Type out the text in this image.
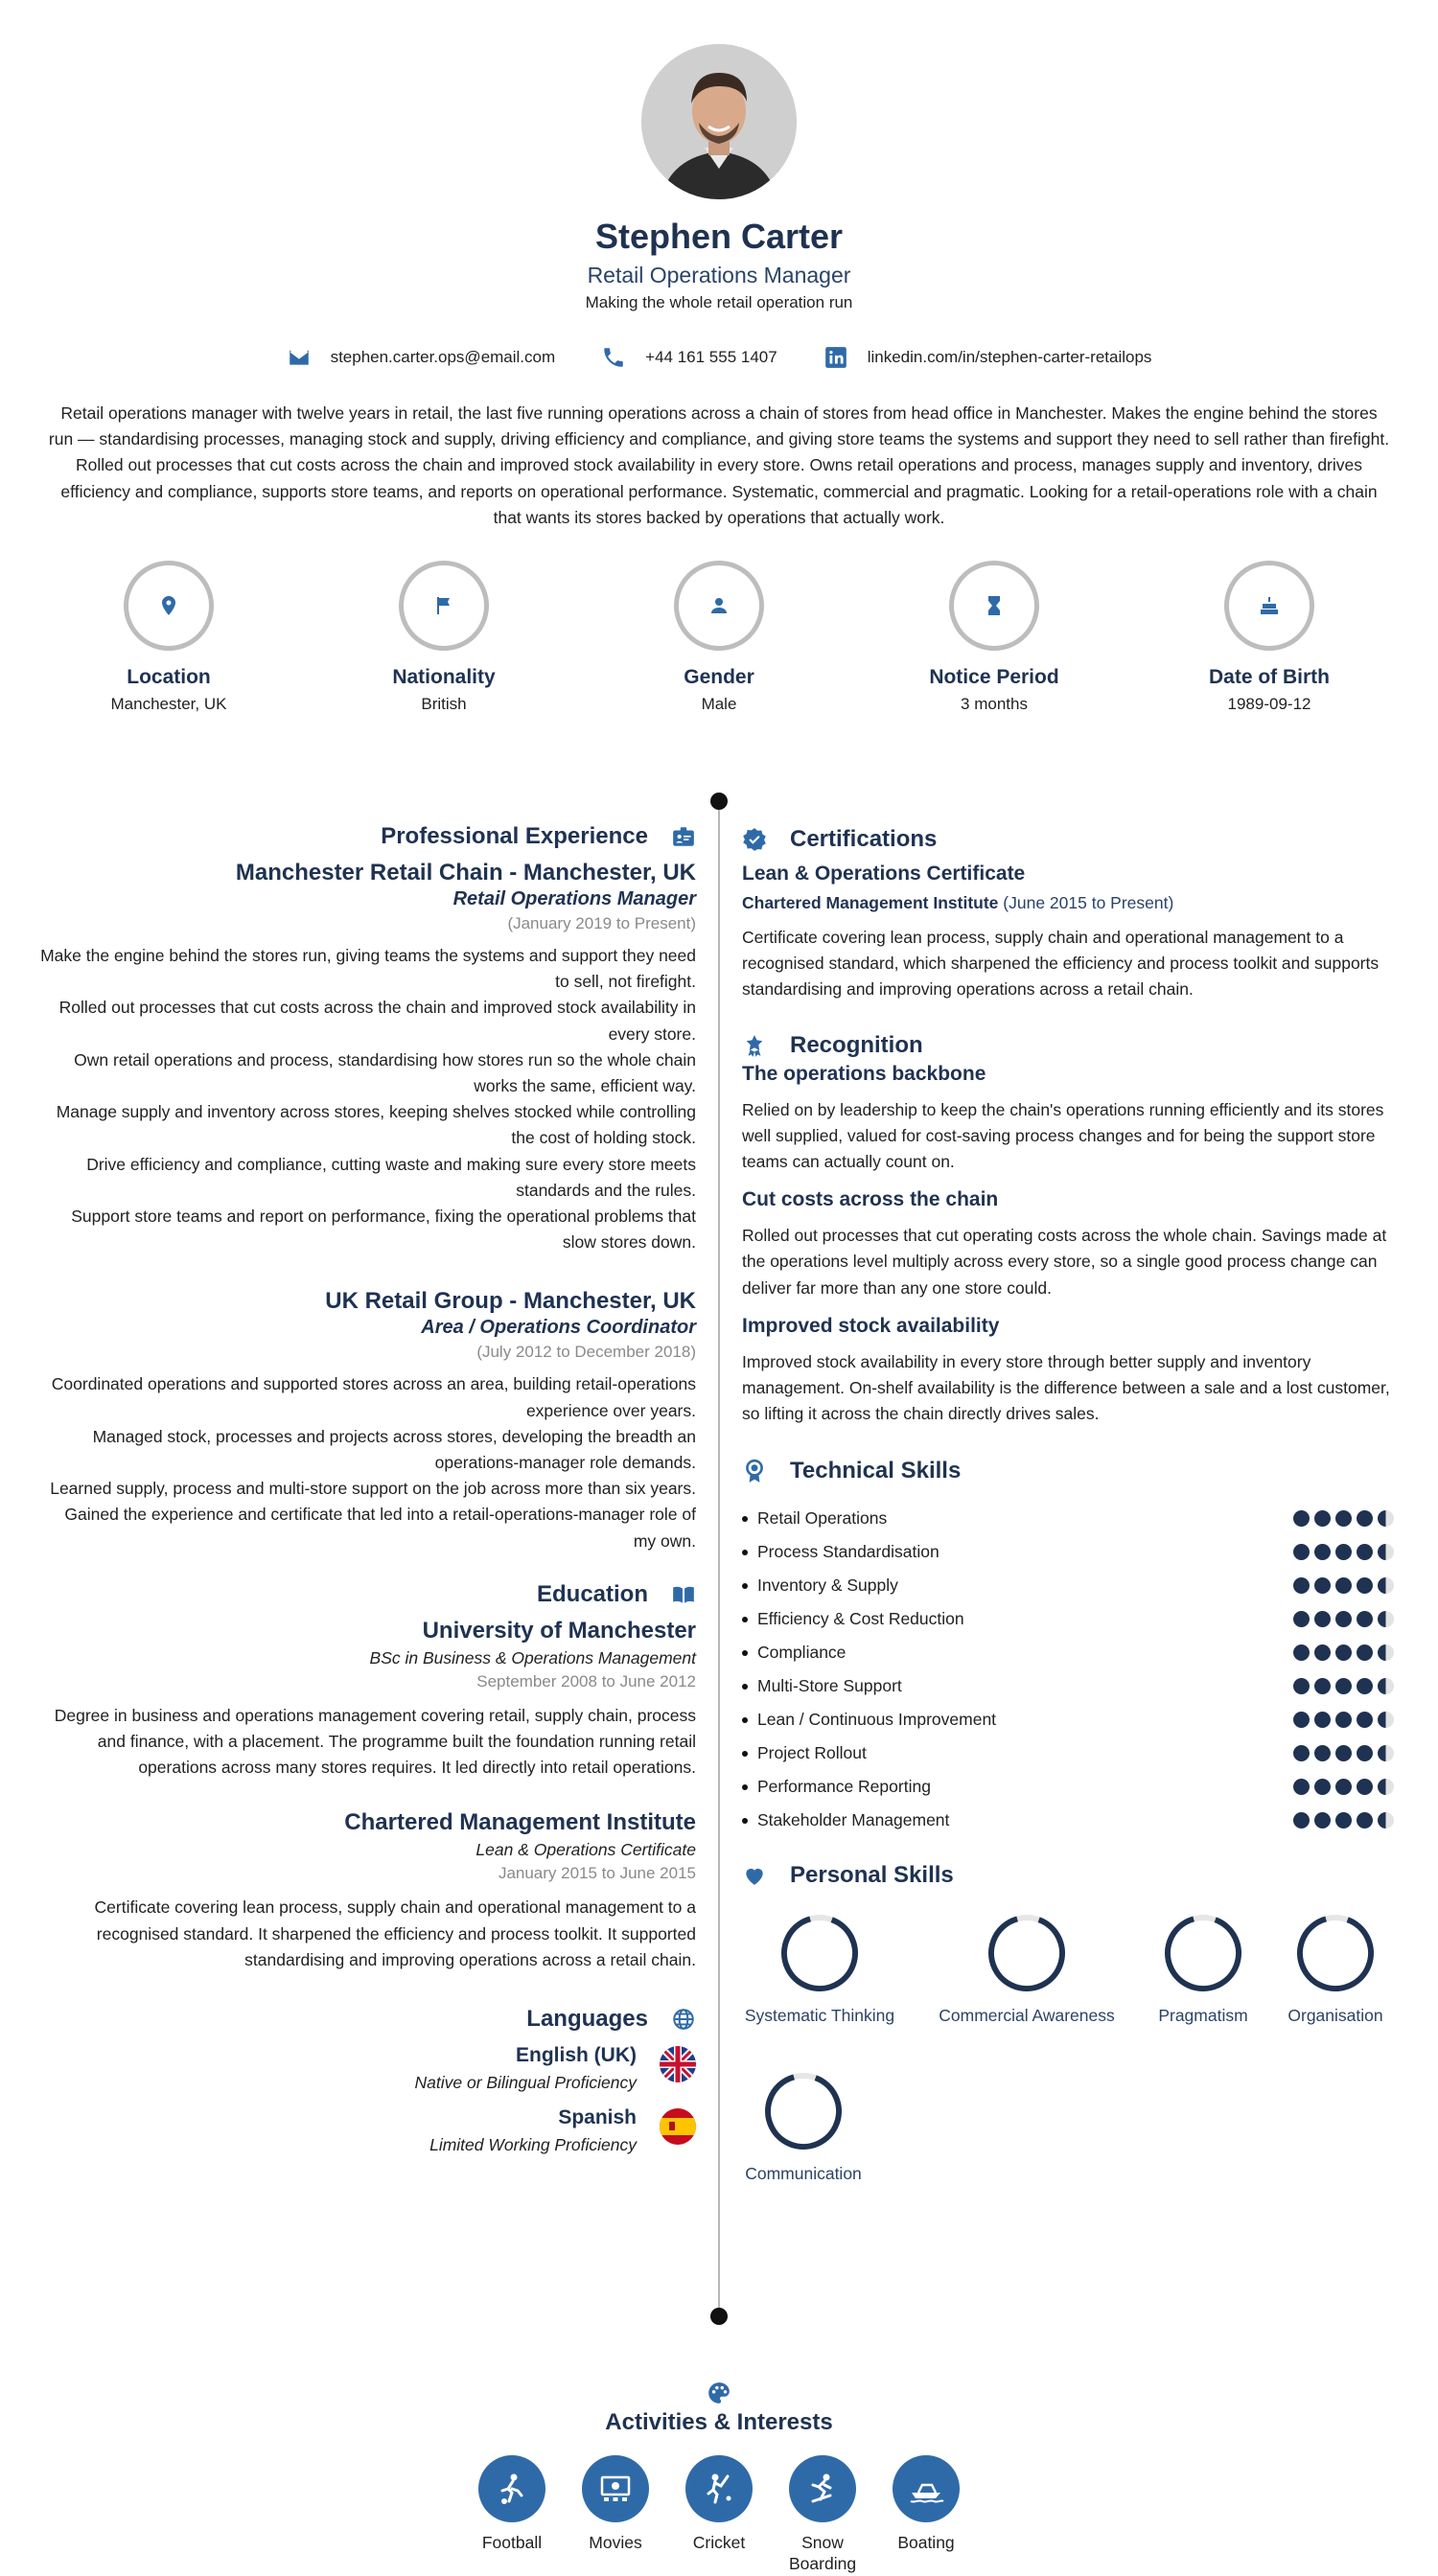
Stephen Carter
Retail Operations Manager
Making the whole retail operation run
stephen.carter.ops@email.com	+44 161 555 1407	linkedin.com/in/stephen-carter-retailops
Retail operations manager with twelve years in retail, the last five running operations across a chain of stores from head office in Manchester. Makes the engine behind the stores run — standardising processes, managing stock and supply, driving efficiency and compliance, and giving store teams the systems and support they need to sell rather than firefight. Rolled out processes that cut costs across the chain and improved stock availability in every store. Owns retail operations and process, manages supply and inventory, drives efficiency and compliance, supports store teams, and reports on operational performance. Systematic, commercial and pragmatic. Looking for a retail-operations role with a chain that wants its stores backed by operations that actually work.
Location
Manchester, UK
Nationality
British
Gender
Male
Notice Period
3 months
Date of Birth
1989-09-12
Professional Experience
Manchester Retail Chain - Manchester, UK
Retail Operations Manager
(January 2019 to Present)
Make the engine behind the stores run, giving teams the systems and support they need to sell, not firefight.
Rolled out processes that cut costs across the chain and improved stock availability in every store.
Own retail operations and process, standardising how stores run so the whole chain works the same, efficient way.
Manage supply and inventory across stores, keeping shelves stocked while controlling the cost of holding stock.
Drive efficiency and compliance, cutting waste and making sure every store meets standards and the rules.
Support store teams and report on performance, fixing the operational problems that slow stores down.
UK Retail Group - Manchester, UK
Area / Operations Coordinator
(July 2012 to December 2018)
Coordinated operations and supported stores across an area, building retail-operations experience over years.
Managed stock, processes and projects across stores, developing the breadth an operations-manager role demands.
Learned supply, process and multi-store support on the job across more than six years.
Gained the experience and certificate that led into a retail-operations-manager role of my own.
Education
University of Manchester
BSc in Business & Operations Management
September 2008 to June 2012
Degree in business and operations management covering retail, supply chain, process and finance, with a placement. The programme built the foundation running retail operations across many stores requires. It led directly into retail operations.
Chartered Management Institute
Lean & Operations Certificate
January 2015 to June 2015
Certificate covering lean process, supply chain and operational management to a recognised standard. It sharpened the efficiency and process toolkit. It supported standardising and improving operations across a retail chain.
Languages
English (UK)
Native or Bilingual Proficiency
Spanish
Limited Working Proficiency
Certifications
Lean & Operations Certificate
Chartered Management Institute (June 2015 to Present)
Certificate covering lean process, supply chain and operational management to a recognised standard, which sharpened the efficiency and process toolkit and supports standardising and improving operations across a retail chain.
Recognition
The operations backbone
Relied on by leadership to keep the chain's operations running efficiently and its stores well supplied, valued for cost-saving process changes and for being the support store teams can actually count on.
Cut costs across the chain
Rolled out processes that cut operating costs across the whole chain. Savings made at the operations level multiply across every store, so a single good process change can deliver far more than any one store could.
Improved stock availability
Improved stock availability in every store through better supply and inventory management. On-shelf availability is the difference between a sale and a lost customer, so lifting it across the chain directly drives sales.
Technical Skills
Retail Operations
Process Standardisation
Inventory & Supply
Efficiency & Cost Reduction
Compliance
Multi-Store Support
Lean / Continuous Improvement
Project Rollout
Performance Reporting
Stakeholder Management
Personal Skills
Systematic Thinking	Commercial Awareness	Pragmatism	Organisation
Communication
Activities & Interests
Football	Movies	Cricket	Snow Boarding
Boating
